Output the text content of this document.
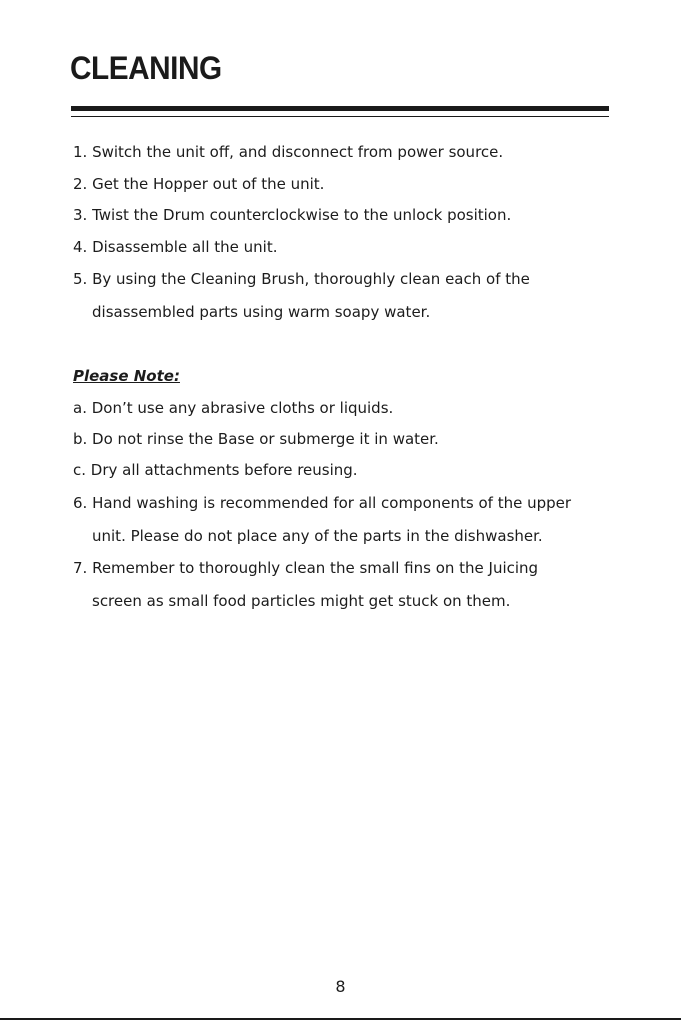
CLEANING
1. Switch the unit off, and disconnect from power source.
2. Get the Hopper out of the unit.
3. Twist the Drum counterclockwise to the unlock position.
4. Disassemble all the unit.
5. By using the Cleaning Brush, thoroughly clean each of the
disassembled parts using warm soapy water.
Please Note:
a. Don’t use any abrasive cloths or liquids.
b. Do not rinse the Base or submerge it in water.
c. Dry all attachments before reusing.
6. Hand washing is recommended for all components of the upper
unit. Please do not place any of the parts in the dishwasher.
7. Remember to thoroughly clean the small fins on the Juicing
screen as small food particles might get stuck on them.
8
